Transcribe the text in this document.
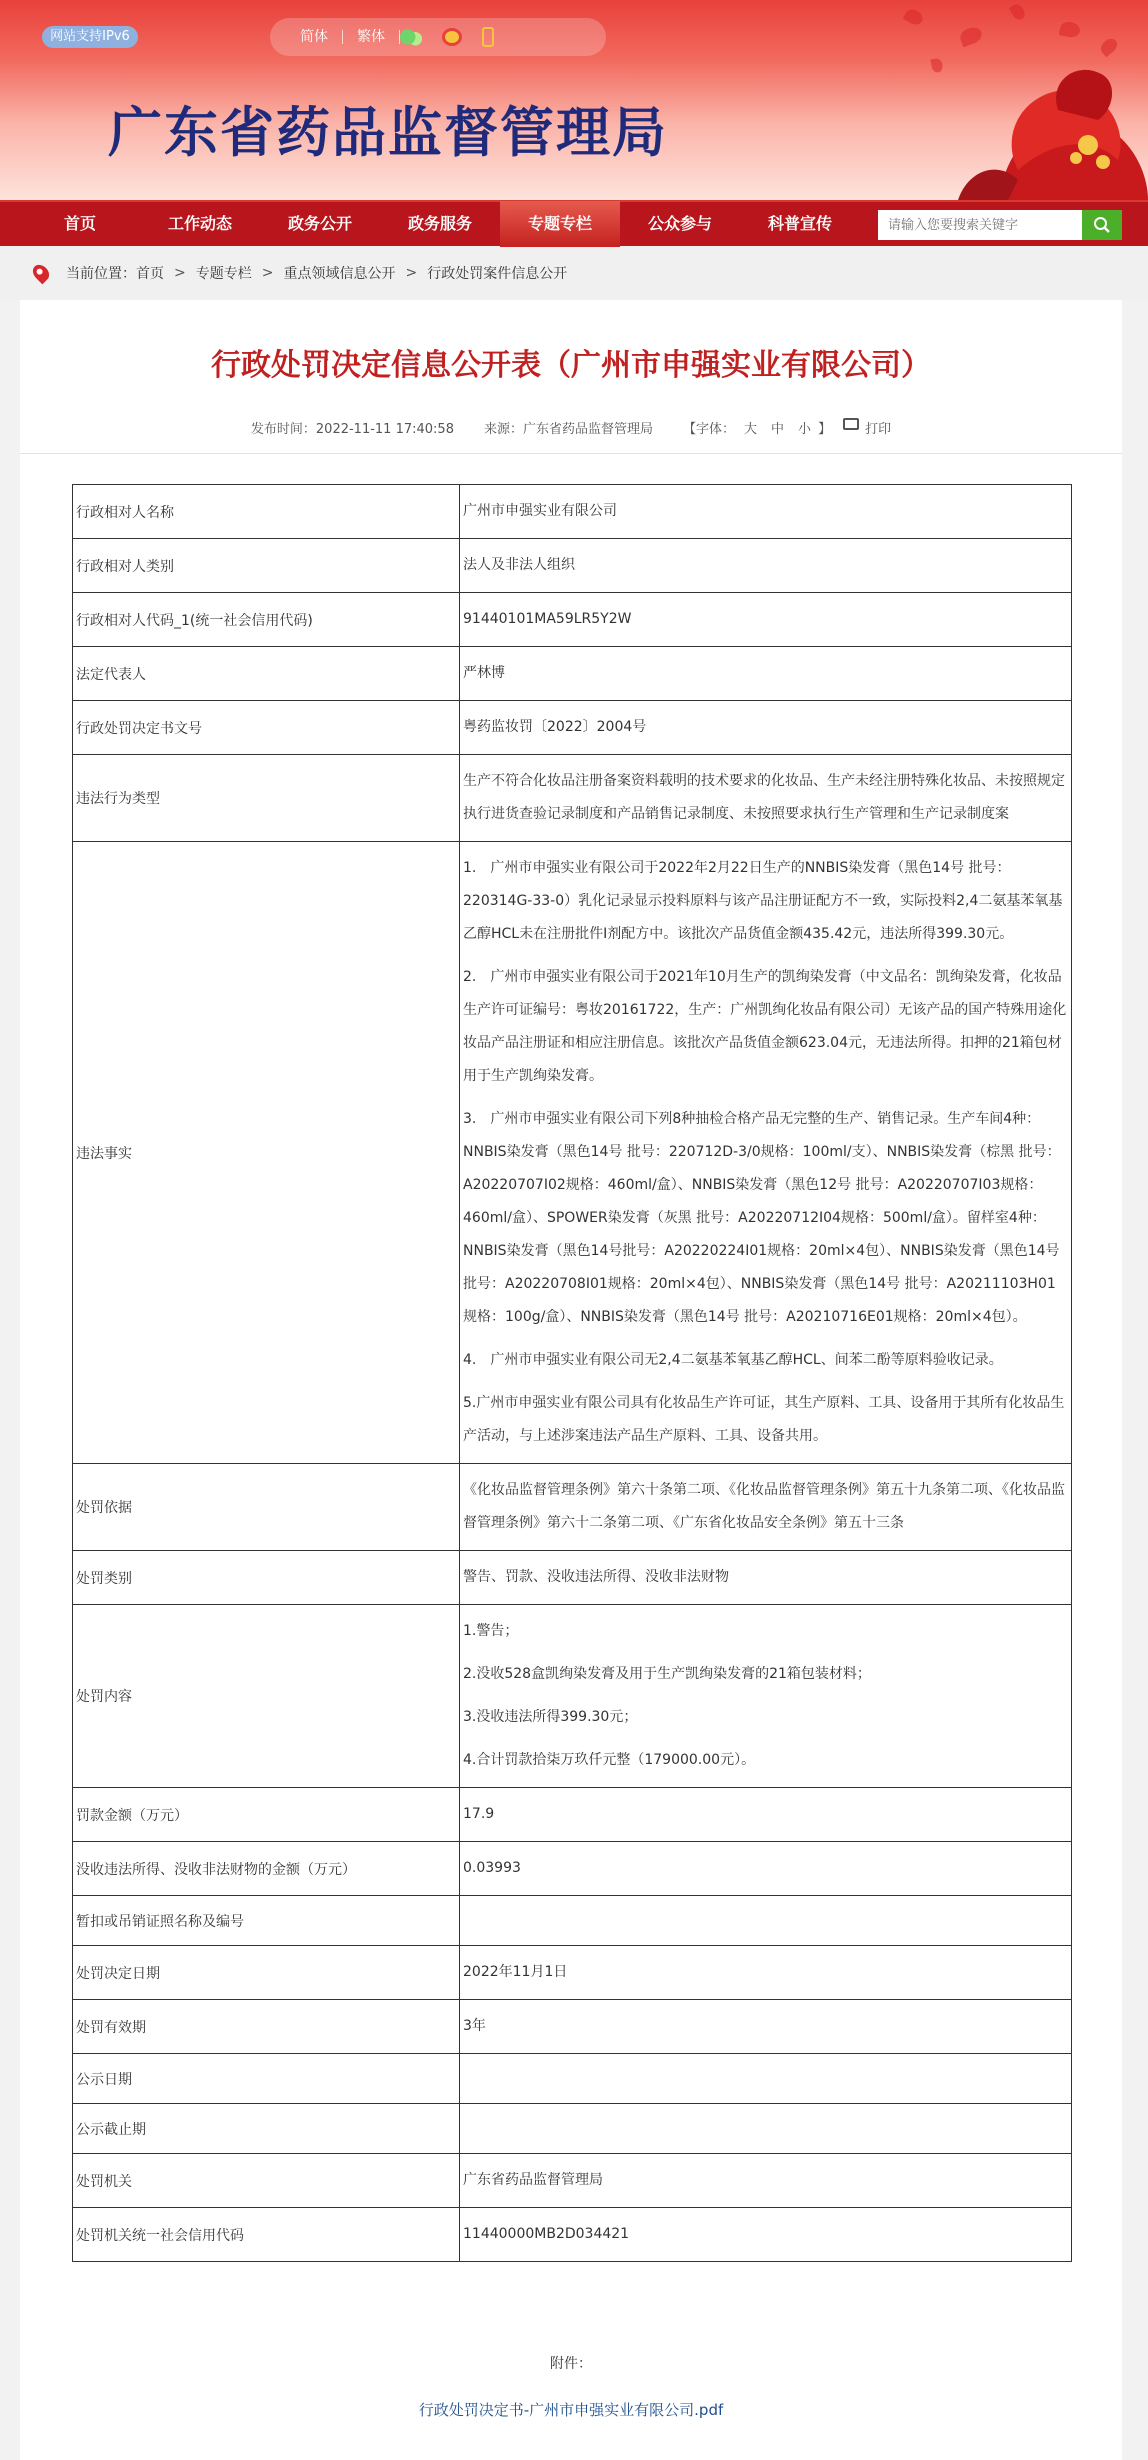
网站支持IPv6	简体	繁体
广东省药品监督管理局
首页	工作动态	政务公开	政务服务	专题专栏	公众参与	科普宣传
请输入您要搜索关键字
当前位置： 首页 > 专题专栏 > 重点领域信息公开 > 行政处罚案件信息公开
行政处罚决定信息公开表（广州市申强实业有限公司）
发布时间：2022-11-11 17:40:58 来源：广东省药品监督管理局 【字体： 大 中 小 】	打印
行政相对人名称	广州市申强实业有限公司

行政相对人类别	法人及非法人组织

行政相对人代码_1(统一社会信用代码)	91440101MA59LR5Y2W

法定代表人	严林博

行政处罚决定书文号	粤药监妆罚〔2022〕2004号

违法行为类型	生产不符合化妆品注册备案资料载明的技术要求的化妆品、生产未经注册特殊化妆品、未按照规定执行进货查验记录制度和产品销售记录制度、未按照要求执行生产管理和生产记录制度案

违法事实	1.　广州市申强实业有限公司于2022年2月22日生产的NNBIS染发膏（黑色14号 批号：220314G-33-0）乳化记录显示投料原料与该产品注册证配方不一致，实际投料2,4二氨基苯氧基乙醇HCL未在注册批件I剂配方中。该批次产品货值金额435.42元，违法所得399.30元。

2.　广州市申强实业有限公司于2021年10月生产的凯绚染发膏（中文品名：凯绚染发膏，化妆品生产许可证编号：粤妆20161722，生产：广州凯绚化妆品有限公司）无该产品的国产特殊用途化妆品产品注册证和相应注册信息。该批次产品货值金额623.04元，无违法所得。扣押的21箱包材用于生产凯绚染发膏。

3.　广州市申强实业有限公司下列8种抽检合格产品无完整的生产、销售记录。生产车间4种：NNBIS染发膏（黑色14号 批号：220712D-3/0规格：100ml/支）、NNBIS染发膏（棕黑 批号：A20220707I02规格：460ml/盒）、NNBIS染发膏（黑色12号 批号：A20220707I03规格：460ml/盒）、SPOWER染发膏（灰黑 批号：A20220712I04规格：500ml/盒）。留样室4种：NNBIS染发膏（黑色14号批号：A20220224I01规格：20ml×4包）、NNBIS染发膏（黑色14号批号：A20220708I01规格：20ml×4包）、NNBIS染发膏（黑色14号 批号：A20211103H01规格：100g/盒）、NNBIS染发膏（黑色14号 批号：A20210716E01规格：20ml×4包）。

4.　广州市申强实业有限公司无2,4二氨基苯氧基乙醇HCL、间苯二酚等原料验收记录。

5.广州市申强实业有限公司具有化妆品生产许可证，其生产原料、工具、设备用于其所有化妆品生产活动，与上述涉案违法产品生产原料、工具、设备共用。

处罚依据	《化妆品监督管理条例》第六十条第二项、《化妆品监督管理条例》第五十九条第二项、《化妆品监督管理条例》第六十二条第二项、《广东省化妆品安全条例》第五十三条

处罚类别	警告、罚款、没收违法所得、没收非法财物

处罚内容	1.警告；

2.没收528盒凯绚染发膏及用于生产凯绚染发膏的21箱包装材料；

3.没收违法所得399.30元；

4.合计罚款拾柒万玖仟元整（179000.00元）。

罚款金额（万元）	17.9

没收违法所得、没收非法财物的金额（万元）	0.03993

暂扣或吊销证照名称及编号	

处罚决定日期	2022年11月1日

处罚有效期	3年

公示日期	

公示截止期	

处罚机关	广东省药品监督管理局

处罚机关统一社会信用代码	11440000MB2D034421

附件：
行政处罚决定书-广州市申强实业有限公司.pdf
